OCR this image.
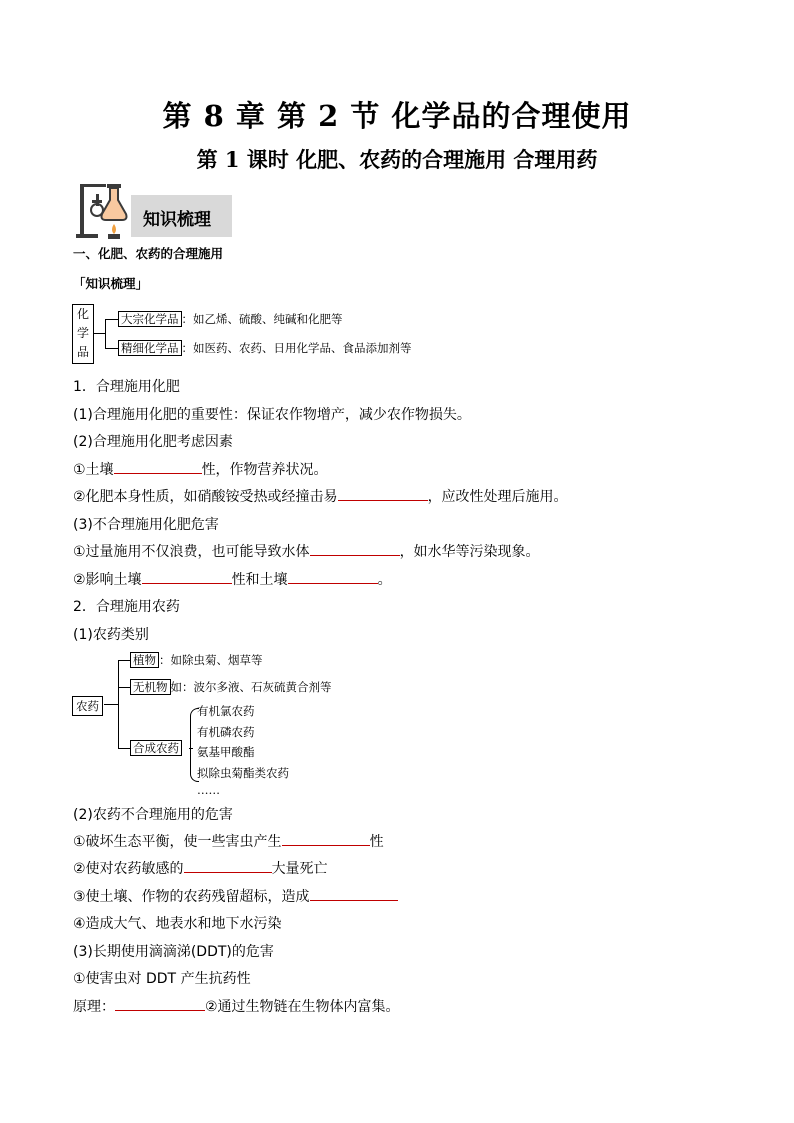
第 8 章 第 2 节 化学品的合理使用
第 1 课时 化肥、农药的合理施用 合理用药
知识梳理
一、化肥、农药的合理施用
「知识梳理」
化学品
大宗化学品 ：如乙烯、硫酸、纯碱和化肥等
精细化学品 ：如医药、农药、日用化学品、食品添加剂等
1．合理施用化肥
(1)合理施用化肥的重要性：保证农作物增产，减少农作物损失。
(2)合理施用化肥考虑因素
①土壤	性，作物营养状况。
②化肥本身性质，如硝酸铵受热或经撞击易	，应改性处理后施用。
(3)不合理施用化肥危害
①过量施用不仅浪费，也可能导致水体	，如水华等污染现象。
②影响土壤	性和土壤	。
2．合理施用农药
(1)农药类别
农药
植物 ：如除虫菊、烟草等
无机物 如：波尔多液、石灰硫黄合剂等
合成农药
有机氯农药
有机磷农药
氨基甲酸酯
拟除虫菊酯类农药
……
(2)农药不合理施用的危害
①破坏生态平衡，使一些害虫产生	性
②使对农药敏感的	大量死亡
③使土壤、作物的农药残留超标，造成
④造成大气、地表水和地下水污染
(3)长期使用滴滴涕(DDT)的危害
①使害虫对 DDT 产生抗药性
原理：	②通过生物链在生物体内富集。
